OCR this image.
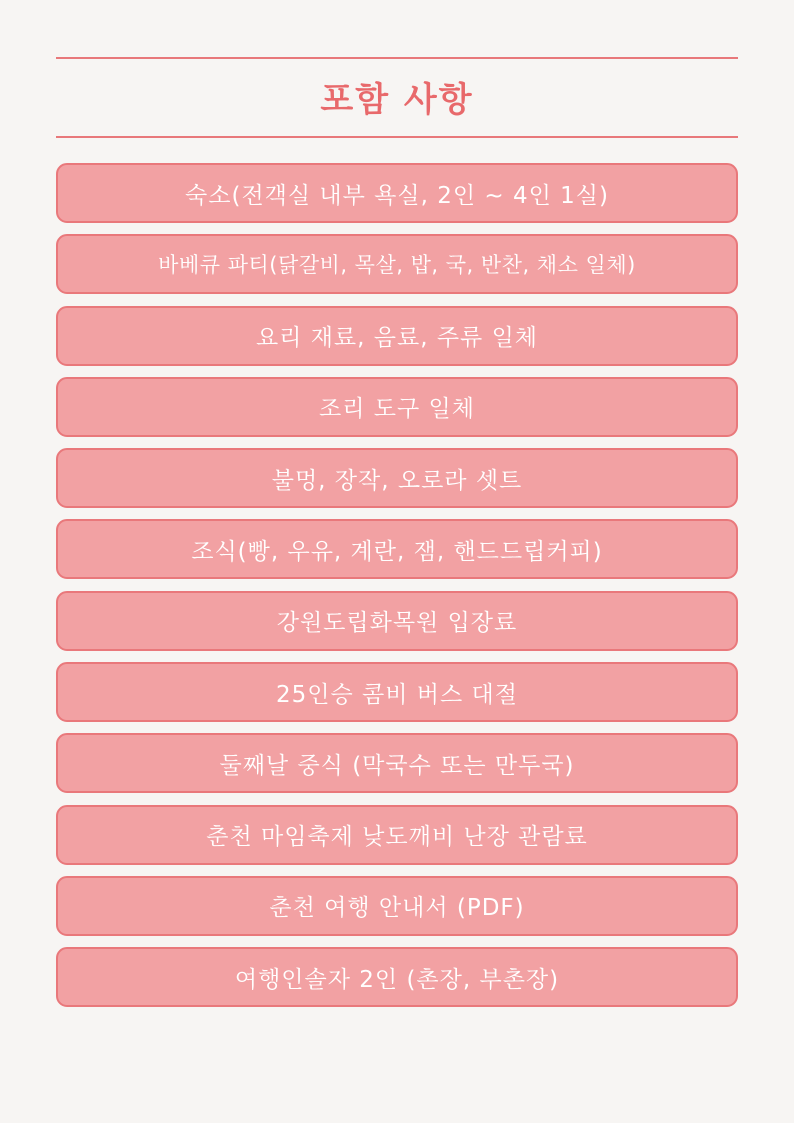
포함 사항
숙소(전객실 내부 욕실, 2인 ~ 4인 1실)
바베큐 파티(닭갈비, 목살, 밥, 국, 반찬, 채소 일체)
요리 재료, 음료, 주류 일체
조리 도구 일체
불멍, 장작, 오로라 셋트
조식(빵, 우유, 계란, 잼, 핸드드립커피)
강원도립화목원 입장료
25인승 콤비 버스 대절
둘째날 중식 (막국수 또는 만두국)
춘천 마임축제 낮도깨비 난장 관람료
춘천 여행 안내서 (PDF)
여행인솔자 2인 (촌장, 부촌장)
